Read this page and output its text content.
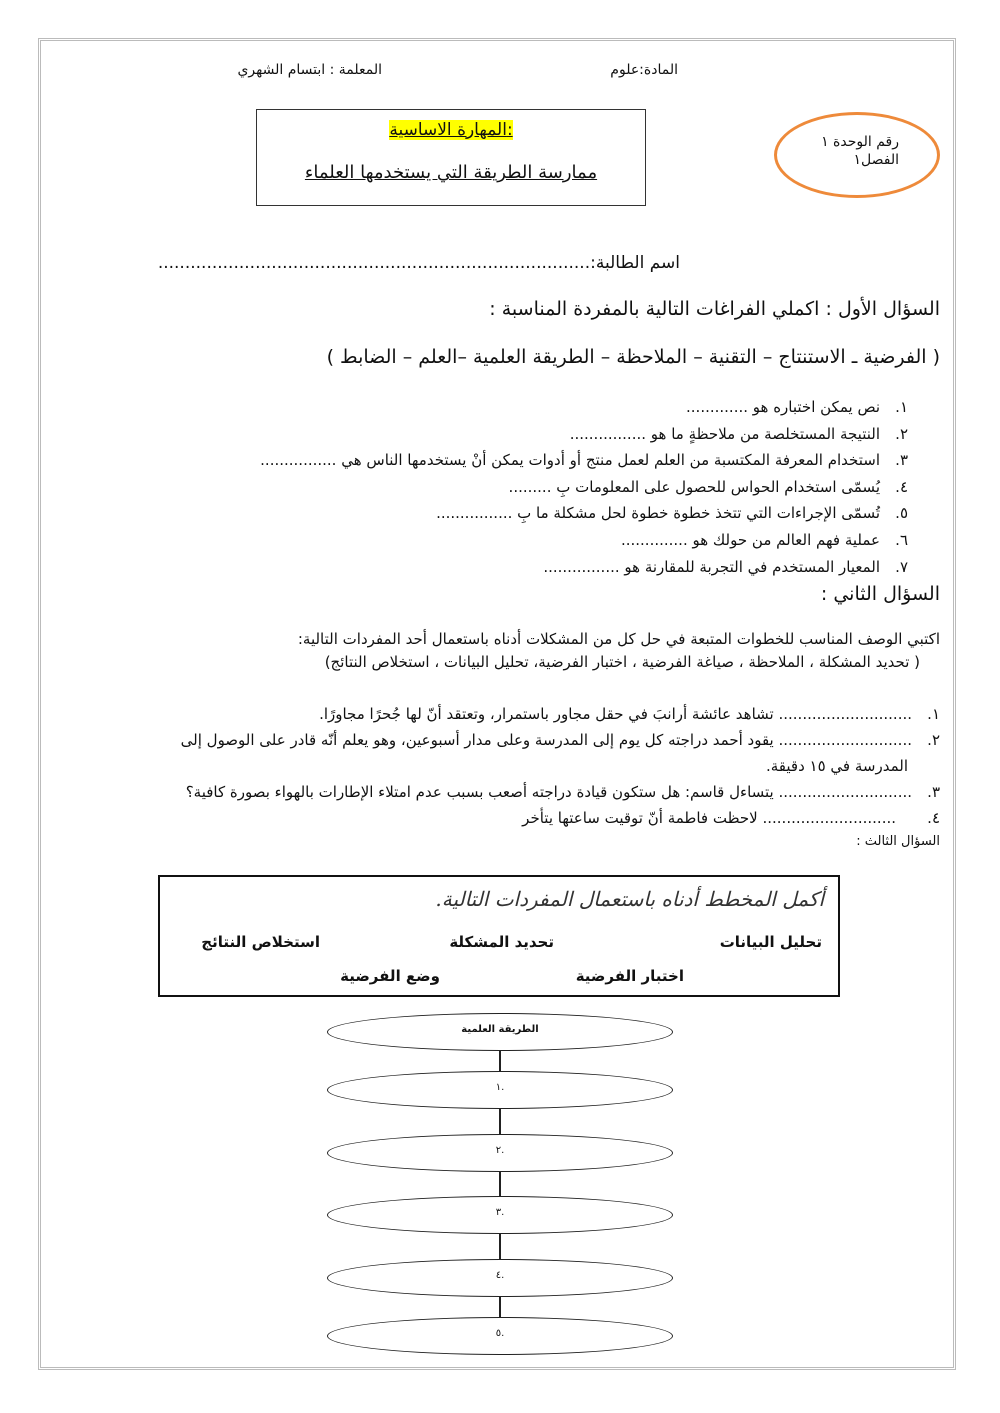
المادة:علوم
المعلمة : ابتسام الشهري
المهارة الاساسية:
ممارسة الطريقة التي يستخدمها العلماء
رقم الوحدة ١
الفصل١
اسم الطالبة:................................................................................
السؤال الأول : اكملي الفراغات التالية بالمفردة المناسبة :
( الفرضية ـ الاستنتاج – التقنية – الملاحظة – الطريقة العلمية –العلم – الضابط )
١.نص يمكن اختباره هو .............
٢.النتيجة المستخلصة من ملاحظةٍ ما هو ................
٣.استخدام المعرفة المكتسبة من العلم لعمل منتج أو أدوات يمكن أنْ يستخدمها الناس هي ................
٤.يُسمّى استخدام الحواس للحصول على المعلومات بِ .........
٥.تُسمّى الإجراءات التي تتخذ خطوة خطوة لحل مشكلة ما بِ ................
٦.عملية فهم العالم من حولك هو ..............
٧.المعيار المستخدم في التجربة للمقارنة هو ................
السؤال الثاني :
اكتبي الوصف المناسب للخطوات المتبعة في حل كل من المشكلات أدناه باستعمال أحد المفردات التالية:
( تحديد المشكلة ، الملاحظة ، صياغة الفرضية ، اختبار الفرضية، تحليل البيانات ، استخلاص النتائج)
١............................. تشاهد عائشة أرانبَ في حقل مجاور باستمرار، وتعتقد أنّ لها جُحرًا مجاورًا.
٢............................. يقود أحمد دراجته كل يوم إلى المدرسة وعلى مدار أسبوعين، وهو يعلم أنّه قادر على الوصول إلى
المدرسة في ١٥ دقيقة.
٣............................. يتساءل قاسم: هل ستكون قيادة دراجته أصعب بسبب عدم امتلاء الإطارات بالهواء بصورة كافية؟
٤............................. لاحظت فاطمة أنّ توقيت ساعتها يتأخر
السؤال الثالث :
أكمل المخطط أدناه باستعمال المفردات التالية.
تحليل البيانات
تحديد المشكلة
استخلاص النتائج
اختبار الفرضية
وضع الفرضية
الطريقة العلمية
١.
٢.
٣.
٤.
٥.
